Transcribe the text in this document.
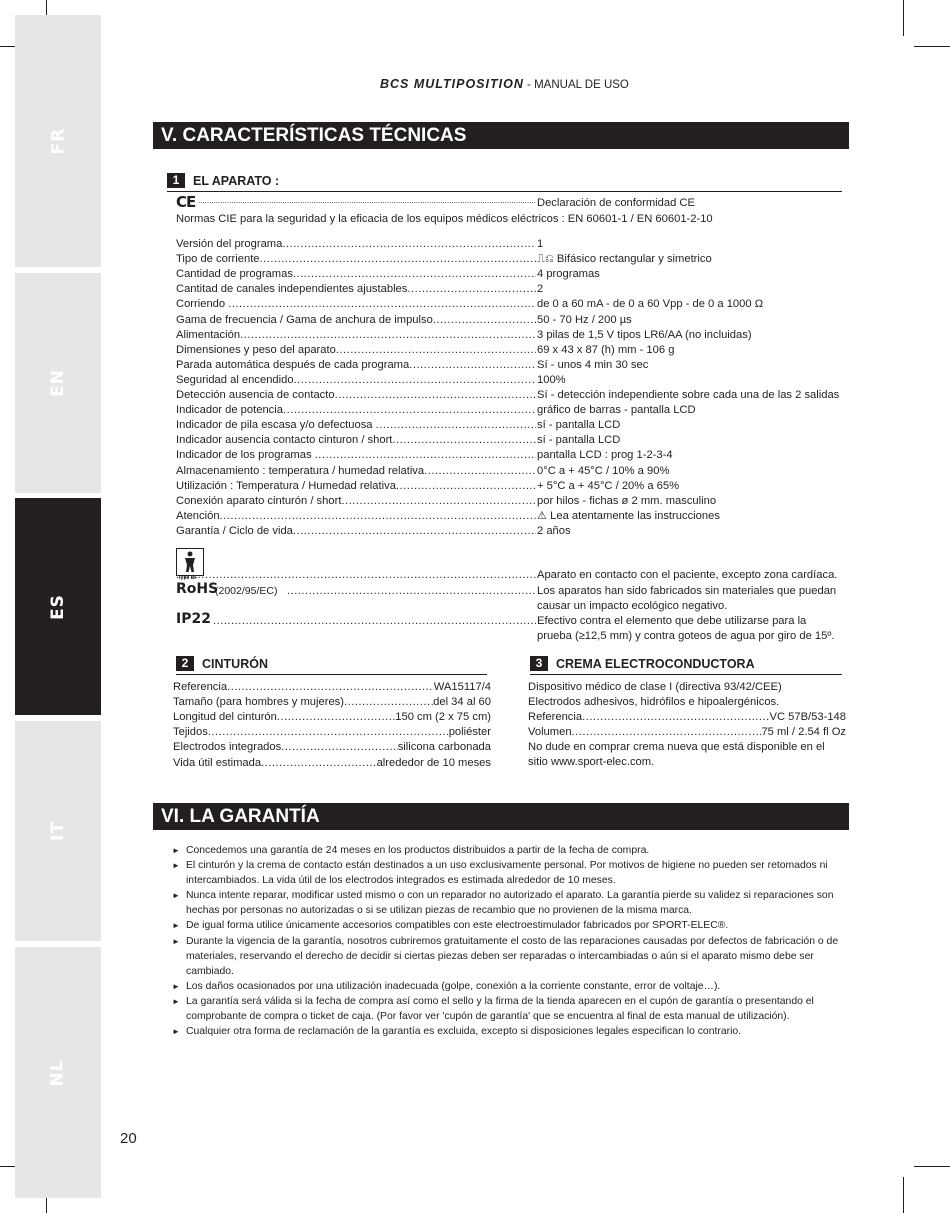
FR
EN
ES
IT
NL
BCS MULTIPOSITION - MANUAL DE USO
V. CARACTERÍSTICAS TÉCNICAS
1 EL APARATO :
CE .....	Declaración de conformidad CE
Normas CIE para la seguridad y la eficacia de los equipos médicos eléctricos : EN 60601-1 / EN 60601-2-10
Versión del programa .....	1
Tipo de corriente .....	⎍⎌ Bifásico rectangular y simetrico
Cantidad de programas .....	4 programas
Cantitad de canales independientes ajustables .....	2
Corriendo .....	de 0 a 60 mA - de 0 a 60 Vpp - de 0 a 1000 Ω
Gama de frecuencia / Gama de anchura de impulso .....	50 - 70 Hz / 200 µs
Alimentación .....	3 pilas de 1,5 V tipos LR6/AA (no incluidas)
Dimensiones y peso del aparato .....	69 x 43 x 87 (h) mm - 106 g
Parada automática después de cada programa .....	Sí - unos 4 min 30 sec
Seguridad al encendido .....	100%
Detección ausencia de contacto .....	Sí - detección independiente sobre cada una de las 2 salidas
Indicador de potencia .....	gráfico de barras - pantalla LCD
Indicador de pila escasa y/o defectuosa .....	sí - pantalla LCD
Indicador ausencia contacto cinturon / short .....	sí - pantalla LCD
Indicador de los programas .....	pantalla LCD : prog 1-2-3-4
Almacenamiento : temperatura / humedad relativa .....	0°C a + 45°C / 10% a 90%
Utilización : Temperatura / Humedad relativa .....	+ 5°C a + 45°C / 20% a 65%
Conexión aparato cinturón / short .....	por hilos - fichas ø 2 mm. masculino
Atención .....	⚠ Lea atentamente las instrucciones
Garantía / Ciclo de vida .....	2 años
Type BF .....	Aparato en contacto con el paciente, excepto zona cardíaca.
RoHS
(2002/95/EC) .....	Los aparatos han sido fabricados sin materiales que puedan
causar un impacto ecológico negativo.
IP22 .....	Efectivo contra el elemento que debe utilizarse para la
prueba (≥12,5 mm) y contra goteos de agua por giro de 15º.
2 CINTURÓN
Referencia .....	WA15117/4
Tamaño (para hombres y mujeres) .....	del 34 al 60
Longitud del cinturón .....	150 cm (2 x 75 cm)
Tejidos .....	poliéster
Electrodos integrados .....	silicona carbonada
Vida útil estimada .....	alrededor de 10 meses
3 CREMA ELECTROCONDUCTORA
Dispositivo médico de clase I (directiva 93/42/CEE)
Electrodos adhesivos, hidrófilos e hipoalergénicos.
Referencia .....	VC 57B/53-148
Volumen .....	75 ml / 2.54 fl Oz
No dude en comprar crema nueva que está disponible en el
sitio www.sport-elec.com.
VI. LA GARANTÍA
► Concedemos una garantía de 24 meses en los productos distribuidos a partir de la fecha de compra.
► El cinturón y la crema de contacto están destinados a un uso exclusivamente personal. Por motivos de higiene no pueden ser retomados ni intercambiados. La vida útil de los electrodos integrados es estimada alrededor de 10 meses.
► Nunca intente reparar, modificar usted mismo o con un reparador no autorizado el aparato. La garantía pierde su validez si reparaciones son hechas por personas no autorizadas o si se utilizan piezas de recambio que no provienen de la misma marca.
► De igual forma utilice únicamente accesorios compatibles con este electroestimulador fabricados por SPORT-ELEC®.
► Durante la vigencia de la garantía, nosotros cubriremos gratuitamente el costo de las reparaciones causadas por defectos de fabricación o de materiales, reservando el derecho de decidir si ciertas piezas deben ser reparadas o intercambiadas o aún si el aparato mismo debe ser cambiado.
► Los daños ocasionados por una utilización inadecuada (golpe, conexión a la corriente constante, error de voltaje…).
► La garantía será válida si la fecha de compra así como el sello y la firma de la tienda aparecen en el cupón de garantía o presentando el comprobante de compra o ticket de caja. (Por favor ver 'cupón de garantía' que se encuentra al final de esta manual de utilización).
► Cualquier otra forma de reclamación de la garantía es excluida, excepto si disposiciones legales especifican lo contrario.
20
